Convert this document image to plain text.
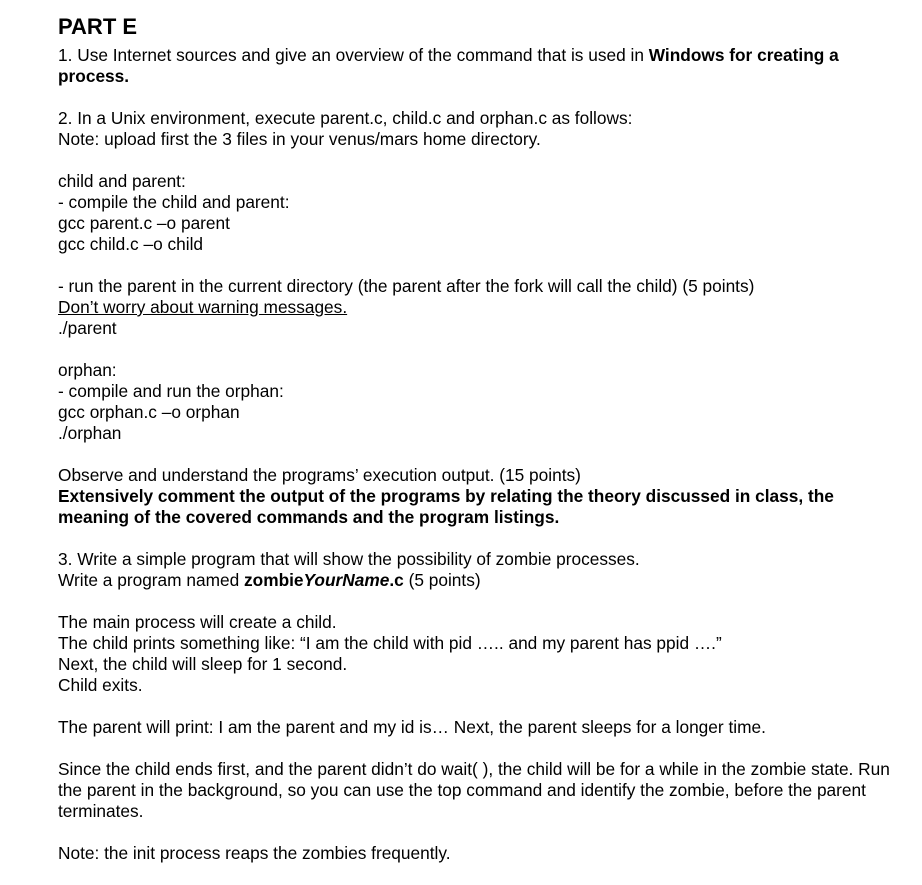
PART E
1. Use Internet sources and give an overview of the command that is used in Windows for creating a process.
2. In a Unix environment, execute parent.c, child.c and orphan.c as follows:
Note: upload first the 3 files in your venus/mars home directory.
child and parent:
- compile the child and parent:
gcc parent.c –o parent
gcc child.c –o child
- run the parent in the current directory (the parent after the fork will call the child) (5 points)
Don’t worry about warning messages.
./parent
orphan:
- compile and run the orphan:
gcc orphan.c –o orphan
./orphan
Observe and understand the programs’ execution output. (15 points)
Extensively comment the output of the programs by relating the theory discussed in class, the meaning of the covered commands and the program listings.
3. Write a simple program that will show the possibility of zombie processes.
Write a program named zombieYourName.c (5 points)
The main process will create a child.
The child prints something like: “I am the child with pid ….. and my parent has ppid ….”
Next, the child will sleep for 1 second.
Child exits.
The parent will print: I am the parent and my id is… Next, the parent sleeps for a longer time.
Since the child ends first, and the parent didn’t do wait( ), the child will be for a while in the zombie state. Run the parent in the background, so you can use the top command and identify the zombie, before the parent terminates.
Note: the init process reaps the zombies frequently.
